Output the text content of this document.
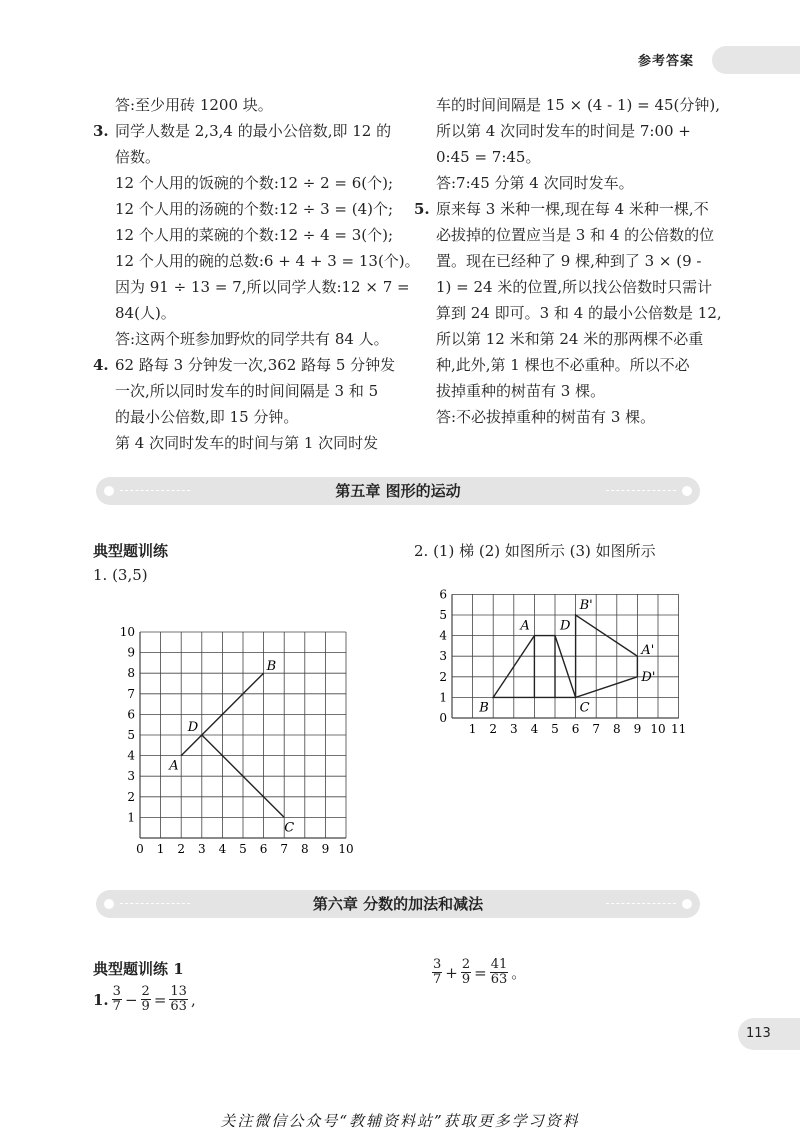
参考答案

答:至少用砖 1200 块。

3. 同学人数是 2,3,4 的最小公倍数,即 12 的

倍数。

12 个人用的饭碗的个数:12 ÷ 2 = 6(个);

12 个人用的汤碗的个数:12 ÷ 3 = (4)个;

12 个人用的菜碗的个数:12 ÷ 4 = 3(个);

12 个人用的碗的总数:6 + 4 + 3 = 13(个)。

因为 91 ÷ 13 = 7,所以同学人数:12 × 7 =

84(人)。

答:这两个班参加野炊的同学共有 84 人。

4. 62 路每 3 分钟发一次,362 路每 5 分钟发

一次,所以同时发车的时间间隔是 3 和 5

的最小公倍数,即 15 分钟。

第 4 次同时发车的时间与第 1 次同时发

车的时间间隔是 15 × (4 - 1) = 45(分钟),

所以第 4 次同时发车的时间是 7:00 +

0:45 = 7:45。

答:7:45 分第 4 次同时发车。

5. 原来每 3 米种一棵,现在每 4 米种一棵,不

必拔掉的位置应当是 3 和 4 的公倍数的位

置。现在已经种了 9 棵,种到了 3 × (9 -

1) = 24 米的位置,所以找公倍数时只需计

算到 24 即可。3 和 4 的最小公倍数是 12,

所以第 12 米和第 24 米的那两棵不必重

种,此外,第 1 棵也不必重种。所以不必

拔掉重种的树苗有 3 棵。

答:不必拔掉重种的树苗有 3 棵。

第五章 图形的运动
典型题训练
1. (3,5)
2. (1) 梯 (2) 如图所示 (3) 如图所示
0 1 2 3 4 5 6 7 8 9 10
1
2
3
4
5
6
7
8
9
10
A
B
C
D	1 2 3 4 5 6 7 8 9 10 11
0
1
2
3
4
5
6
A D
B	C
B'
A'
D'
第六章 分数的加法和减法
典型题训练 1
1. $\frac{3}{7} - \frac{2}{9} = \frac{13}{63}$ ,
$\frac{3}{7} + \frac{2}{9} = \frac{41}{63}$ 。
113
关注微信公众号“教辅资料站”获取更多学习资料
